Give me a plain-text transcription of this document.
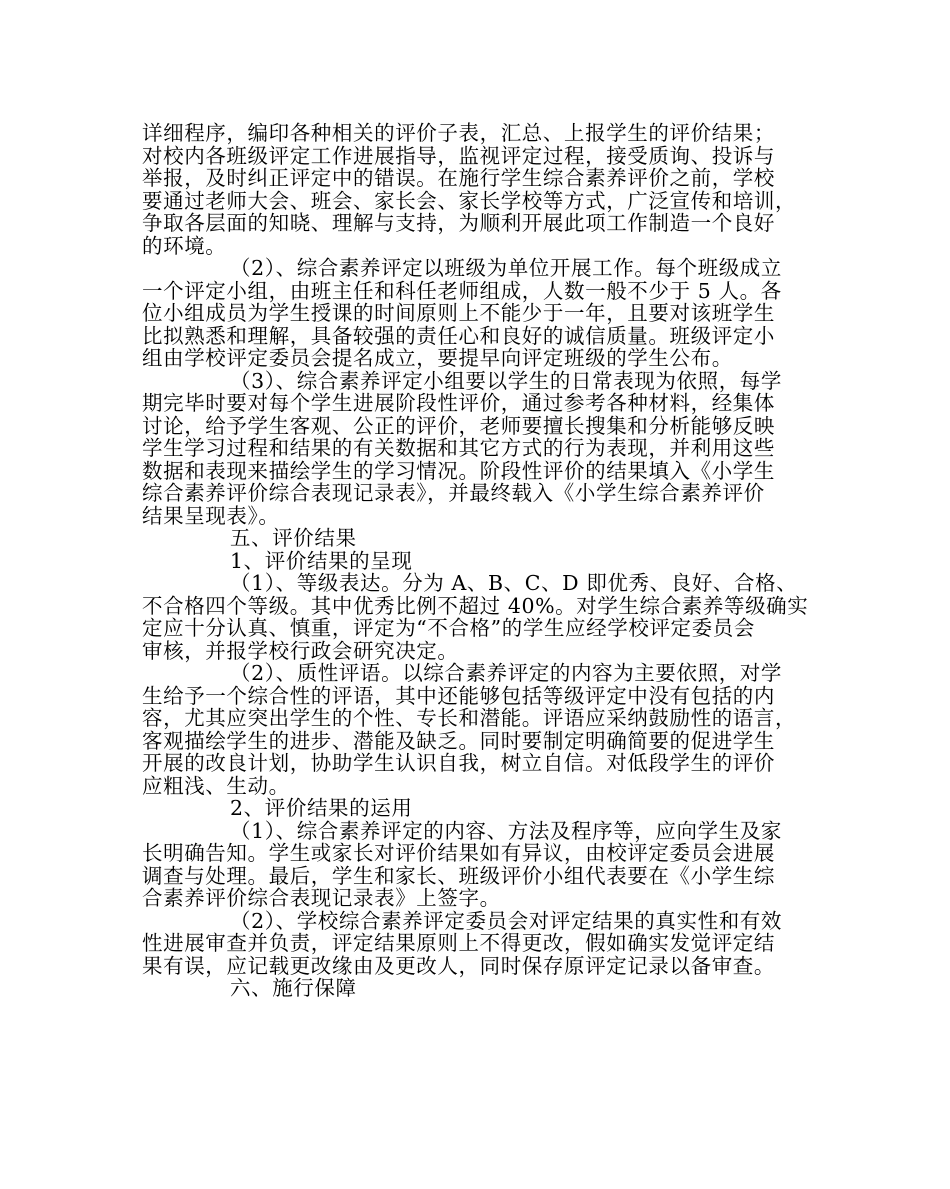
详细程序，编印各种相关的评价子表，汇总、上报学生的评价结果；
对校内各班级评定工作进展指导，监视评定过程，接受质询、投诉与
举报，及时纠正评定中的错误。在施行学生综合素养评价之前，学校
要通过老师大会、班会、家长会、家长学校等方式，广泛宣传和培训，
争取各层面的知晓、理解与支持，为顺利开展此项工作制造一个良好
的环境。
（2）、综合素养评定以班级为单位开展工作。每个班级成立
一个评定小组，由班主任和科任老师组成，人数一般不少于 5 人。各
位小组成员为学生授课的时间原则上不能少于一年，且要对该班学生
比拟熟悉和理解，具备较强的责任心和良好的诚信质量。班级评定小
组由学校评定委员会提名成立，要提早向评定班级的学生公布。
（3）、综合素养评定小组要以学生的日常表现为依照，每学
期完毕时要对每个学生进展阶段性评价，通过参考各种材料，经集体
讨论，给予学生客观、公正的评价，老师要擅长搜集和分析能够反映
学生学习过程和结果的有关数据和其它方式的行为表现，并利用这些
数据和表现来描绘学生的学习情况。阶段性评价的结果填入《小学生
综合素养评价综合表现记录表》，并最终载入《小学生综合素养评价
结果呈现表》。
五、评价结果
1、评价结果的呈现
（1）、等级表达。分为 A、B、C、D 即优秀、良好、合格、
不合格四个等级。其中优秀比例不超过 40%。对学生综合素养等级确实
定应十分认真、慎重，评定为“不合格”的学生应经学校评定委员会
审核，并报学校行政会研究决定。
（2）、质性评语。以综合素养评定的内容为主要依照，对学
生给予一个综合性的评语，其中还能够包括等级评定中没有包括的内
容，尤其应突出学生的个性、专长和潜能。评语应采纳鼓励性的语言，
客观描绘学生的进步、潜能及缺乏。同时要制定明确简要的促进学生
开展的改良计划，协助学生认识自我，树立自信。对低段学生的评价
应粗浅、生动。
2、评价结果的运用
（1）、综合素养评定的内容、方法及程序等，应向学生及家
长明确告知。学生或家长对评价结果如有异议，由校评定委员会进展
调查与处理。最后，学生和家长、班级评价小组代表要在《小学生综
合素养评价综合表现记录表》上签字。
（2）、学校综合素养评定委员会对评定结果的真实性和有效
性进展审查并负责，评定结果原则上不得更改，假如确实发觉评定结
果有误，应记载更改缘由及更改人，同时保存原评定记录以备审查。
六、施行保障
